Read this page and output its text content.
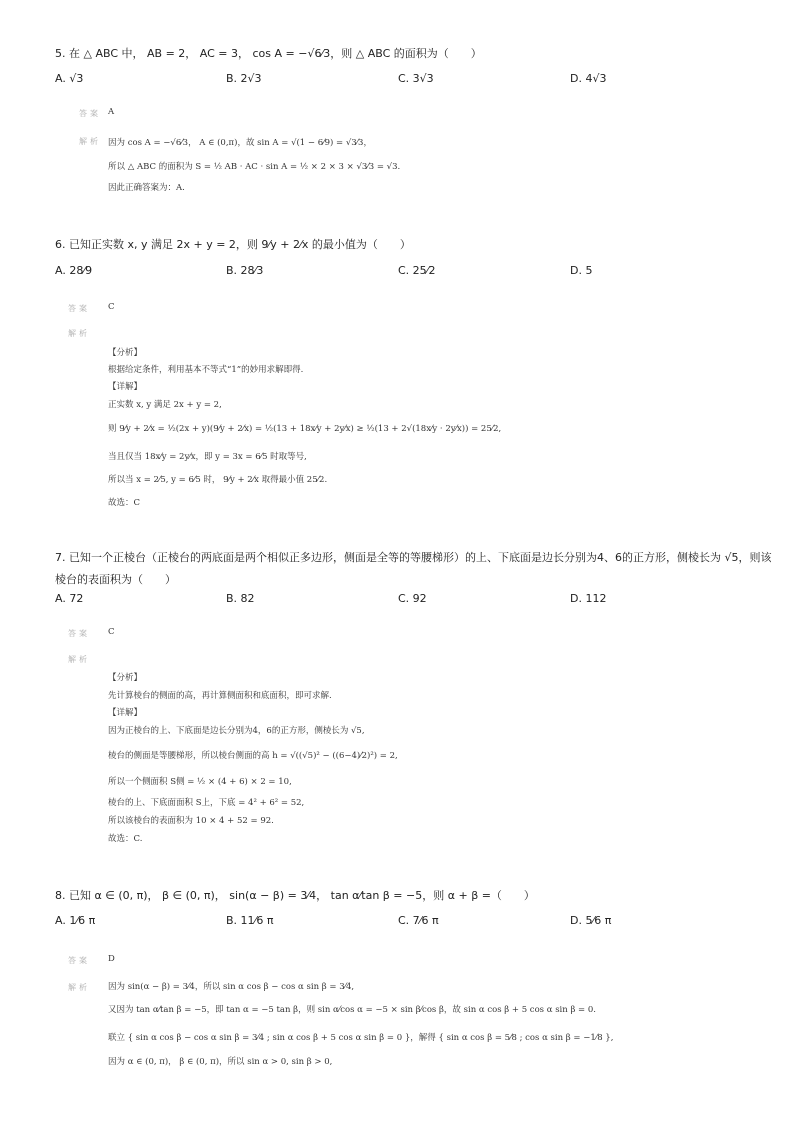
5. 在 △ ABC 中， AB = 2， AC = 3， cos A = −√6⁄3，则 △ ABC 的面积为（　　）
A. √3	B. 2√3	C. 3√3	D. 4√3
答案 A
解析 因为 cos A = −√6⁄3， A ∈ (0,π)，故 sin A = √(1 − 6⁄9) = √3⁄3，
所以 △ ABC 的面积为 S = ½ AB · AC · sin A = ½ × 2 × 3 × √3⁄3 = √3.
因此正确答案为：A.
6. 已知正实数 x, y 满足 2x + y = 2，则 9⁄y + 2⁄x 的最小值为（　　）
A. 28⁄9	B. 28⁄3	C. 25⁄2	D. 5
答案 C
解析
【分析】
根据给定条件，利用基本不等式“1”的妙用求解即得.
【详解】
正实数 x, y 满足 2x + y = 2,
则 9⁄y + 2⁄x = ½(2x + y)(9⁄y + 2⁄x) = ½(13 + 18x⁄y + 2y⁄x) ≥ ½(13 + 2√(18x⁄y · 2y⁄x)) = 25⁄2,
当且仅当 18x⁄y = 2y⁄x，即 y = 3x = 6⁄5 时取等号,
所以当 x = 2⁄5, y = 6⁄5 时， 9⁄y + 2⁄x 取得最小值 25⁄2.
故选：C
7. 已知一个正棱台（正棱台的两底面是两个相似正多边形，侧面是全等的等腰梯形）的上、下底面是边长分别为4、6的正方形，侧棱长为 √5，则该
棱台的表面积为（　　）
A. 72	B. 82	C. 92	D. 112
答案 C
解析
【分析】
先计算棱台的侧面的高，再计算侧面积和底面积，即可求解.
【详解】
因为正棱台的上、下底面是边长分别为4，6的正方形，侧棱长为 √5,
棱台的侧面是等腰梯形，所以棱台侧面的高 h = √((√5)² − ((6−4)⁄2)²) = 2,
所以一个侧面积 S侧 = ½ × (4 + 6) × 2 = 10,
棱台的上、下底面面积 S上，下底 = 4² + 6² = 52,
所以该棱台的表面积为 10 × 4 + 52 = 92.
故选：C.
8. 已知 α ∈ (0, π)， β ∈ (0, π)， sin(α − β) = 3⁄4， tan α⁄tan β = −5，则 α + β =（　　）
A. 1⁄6 π	B. 11⁄6 π	C. 7⁄6 π	D. 5⁄6 π
答案 D
解析 因为 sin(α − β) = 3⁄4，所以 sin α cos β − cos α sin β = 3⁄4,
又因为 tan α⁄tan β = −5，即 tan α = −5 tan β，则 sin α⁄cos α = −5 × sin β⁄cos β，故 sin α cos β + 5 cos α sin β = 0.
联立 { sin α cos β − cos α sin β = 3⁄4 ; sin α cos β + 5 cos α sin β = 0 }，解得 { sin α cos β = 5⁄8 ; cos α sin β = −1⁄8 },
因为 α ∈ (0, π)， β ∈ (0, π)，所以 sin α > 0, sin β > 0,
